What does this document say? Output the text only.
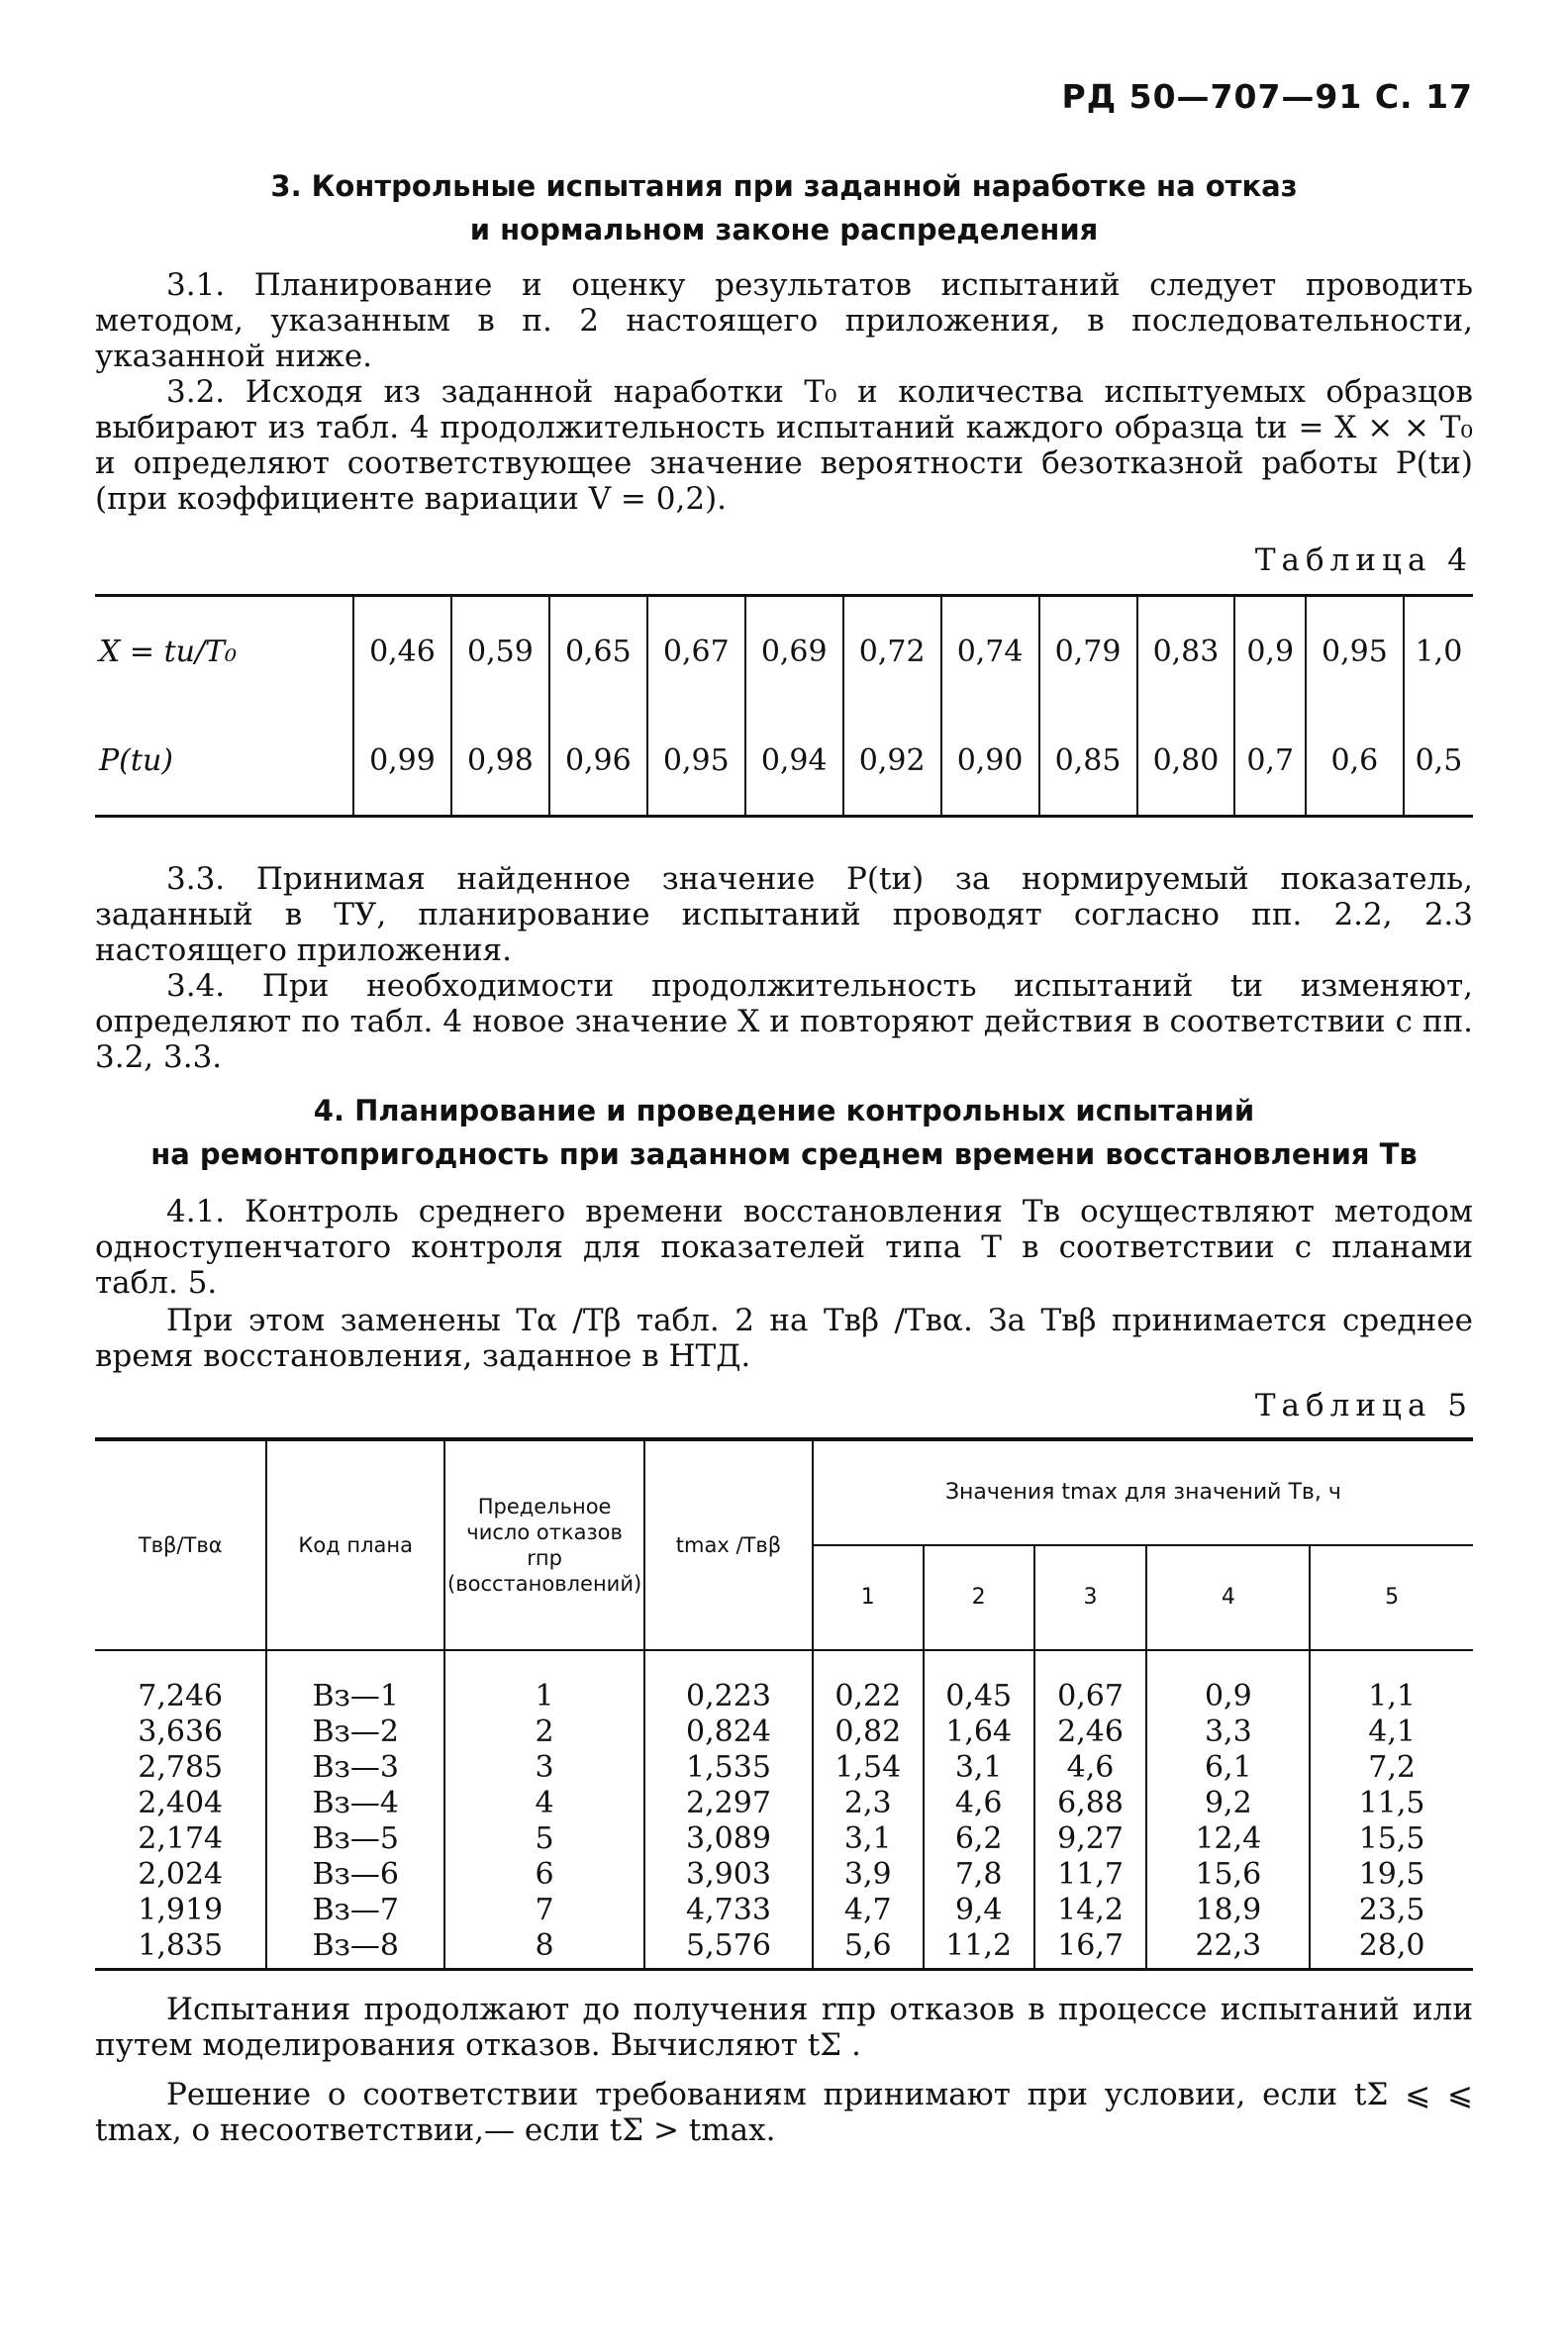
РД 50—707—91 С. 17
3. Контрольные испытания при заданной наработке на отказ
и нормальном законе распределения
3.1. Планирование и оценку результатов испытаний следует проводить методом, указанным в п. 2 настоящего приложения, в последовательности, указанной ниже.
3.2. Исходя из заданной наработки T₀ и количества испытуемых образцов выбирают из табл. 4 продолжительность испытаний каждого образца tи = X × × T₀ и определяют соответствующее значение вероятности безотказной работы P(tи) (при коэффициенте вариации V = 0,2).
Таблица 4
X = tи/T₀	0,46	0,59	0,65	0,67	0,69	0,72	0,74	0,79	0,83	0,9	0,95	1,0
P(tи)	0,99	0,98	0,96	0,95	0,94	0,92	0,90	0,85	0,80	0,7	0,6	0,5
3.3. Принимая найденное значение P(tи) за нормируемый показатель, заданный в ТУ, планирование испытаний проводят согласно пп. 2.2, 2.3 настоящего приложения.
3.4. При необходимости продолжительность испытаний tи изменяют, определяют по табл. 4 новое значение X и повторяют действия в соответствии с пп. 3.2, 3.3.
4. Планирование и проведение контрольных испытаний
на ремонтопригодность при заданном среднем времени восстановления Tв
4.1. Контроль среднего времени восстановления Tв осуществляют методом одноступенчатого контроля для показателей типа T в соответствии с планами табл. 5.
При этом заменены Tα /Tβ табл. 2 на Tвβ /Tвα. За Tвβ принимается среднее время восстановления, заданное в НТД.
Таблица 5
Tвβ/Tвα	Код плана	Предельное число отказов rпр (восстановлений)	tmax /Tвβ	Значения tmax для значений Tв, ч				
				1	2	3	4	5
7,246	Вз—1	1	0,223	0,22	0,45	0,67	0,9	1,1
3,636	Вз—2	2	0,824	0,82	1,64	2,46	3,3	4,1
2,785	Вз—3	3	1,535	1,54	3,1	4,6	6,1	7,2
2,404	Вз—4	4	2,297	2,3	4,6	6,88	9,2	11,5
2,174	Вз—5	5	3,089	3,1	6,2	9,27	12,4	15,5
2,024	Вз—6	6	3,903	3,9	7,8	11,7	15,6	19,5
1,919	Вз—7	7	4,733	4,7	9,4	14,2	18,9	23,5
1,835	Вз—8	8	5,576	5,6	11,2	16,7	22,3	28,0
Испытания продолжают до получения rпр отказов в процессе испытаний или путем моделирования отказов. Вычисляют tΣ .
Решение о соответствии требованиям принимают при условии, если tΣ ⩽ ⩽ tmax, о несоответствии,— если tΣ > tmax.
